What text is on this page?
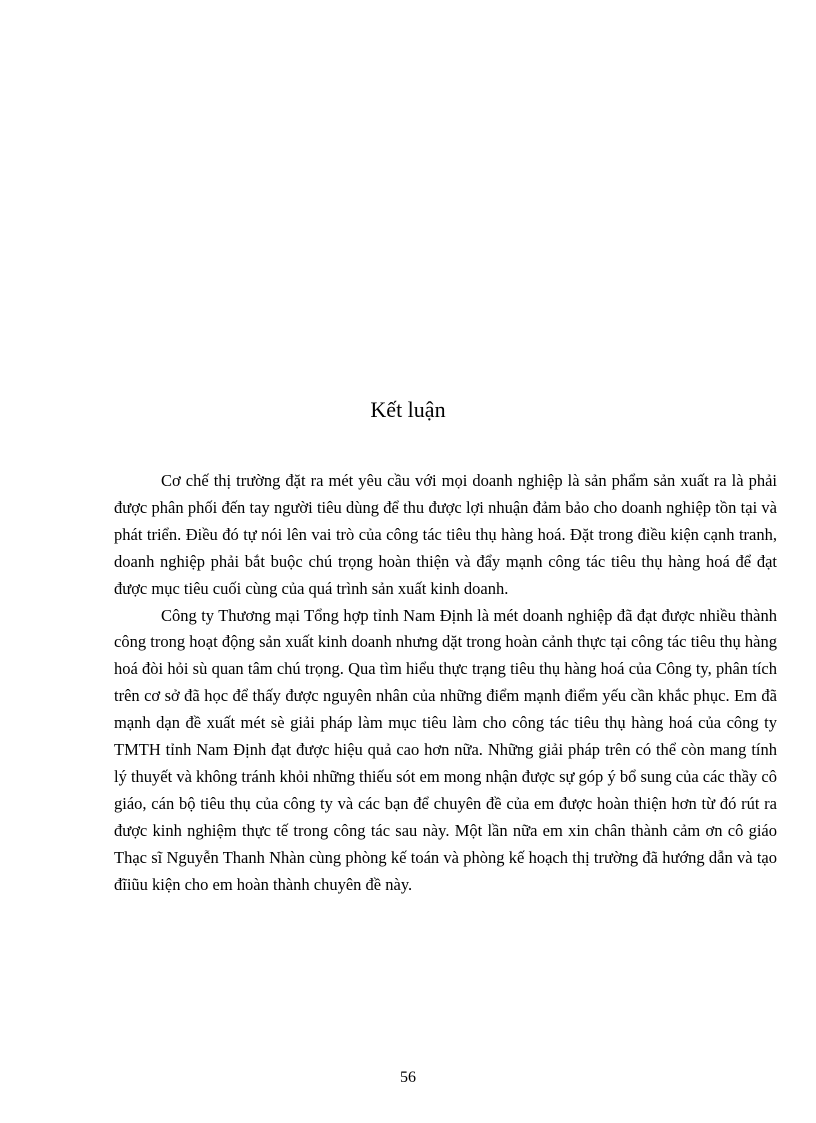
Kết luận

Cơ chế thị trường đặt ra mét yêu cầu với mọi doanh nghiệp là sản phẩm sản xuất ra là phải được phân phối đến tay người tiêu dùng để thu được lợi nhuận đảm bảo cho doanh nghiệp tồn tại và phát triển. Điều đó tự nói lên vai trò của công tác tiêu thụ hàng hoá. Đặt trong điều kiện cạnh tranh, doanh nghiệp phải bắt buộc chú trọng hoàn thiện và đẩy mạnh công tác tiêu thụ hàng hoá để đạt được mục tiêu cuối cùng của quá trình sản xuất kinh doanh.

Công ty Thương mại Tổng hợp tỉnh Nam Định là mét doanh nghiệp đã đạt được nhiều thành công trong hoạt động sản xuất kinh doanh nhưng dặt trong hoàn cảnh thực tại công tác tiêu thụ hàng hoá đòi hỏi sù quan tâm chú trọng. Qua tìm hiểu thực trạng tiêu thụ hàng hoá của Công ty, phân tích trên cơ sở đã học để thấy được nguyên nhân của những điểm mạnh điểm yếu cần khắc phục. Em đã mạnh dạn đề xuất mét sè giải pháp làm mục tiêu làm cho công tác tiêu thụ hàng hoá của công ty TMTH tỉnh Nam Định đạt được hiệu quả cao hơn nữa. Những giải pháp trên có thể còn mang tính lý thuyết và không tránh khỏi những thiếu sót em mong nhận được sự góp ý bổ sung của các thầy cô giáo, cán bộ tiêu thụ của công ty và các bạn để chuyên đề của em được hoàn thiện hơn từ đó rút ra được kinh nghiệm thực tế trong công tác sau này. Một lần nữa em xin chân thành cảm ơn cô giáo Thạc sĩ Nguyễn Thanh Nhàn cùng phòng kế toán và phòng kế hoạch thị trường đã hướng dẫn và tạo đĩiũu kiện cho em hoàn thành chuyên đề này.

56
